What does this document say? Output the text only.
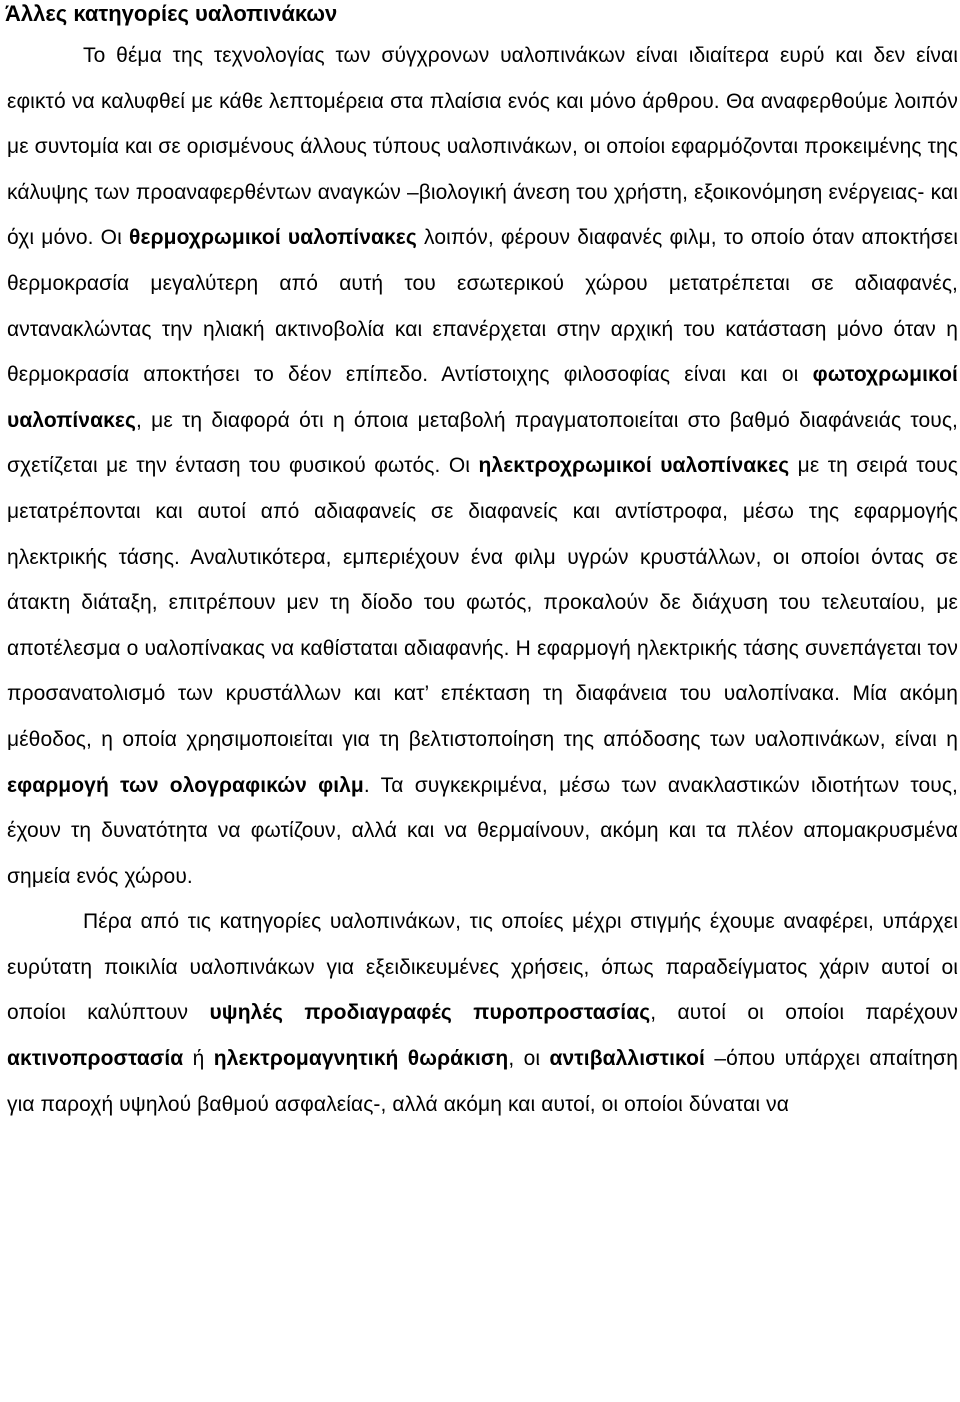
Άλλες κατηγορίες υαλοπινάκων

Το θέμα της τεχνολογίας των σύγχρονων υαλοπινάκων είναι ιδιαίτερα ευρύ και δεν είναι εφικτό να καλυφθεί με κάθε λεπτομέρεια στα πλαίσια ενός και μόνο άρθρου. Θα αναφερθούμε λοιπόν με συντομία και σε ορισμένους άλλους τύπους υαλοπινάκων, οι οποίοι εφαρμόζονται προκειμένης της κάλυψης των προαναφερθέντων αναγκών –βιολογική άνεση του χρήστη, εξοικονόμηση ενέργειας- και όχι μόνο. Οι θερμοχρωμικοί υαλοπίνακες λοιπόν, φέρουν διαφανές φιλμ, το οποίο όταν αποκτήσει θερμοκρασία μεγαλύτερη από αυτή του εσωτερικού χώρου μετατρέπεται σε αδιαφανές, αντανακλώντας την ηλιακή ακτινοβολία και επανέρχεται στην αρχική του κατάσταση μόνο όταν η θερμοκρασία αποκτήσει το δέον επίπεδο. Αντίστοιχης φιλοσοφίας είναι και οι φωτοχρωμικοί υαλοπίνακες, με τη διαφορά ότι η όποια μεταβολή πραγματοποιείται στο βαθμό διαφάνειάς τους, σχετίζεται με την ένταση του φυσικού φωτός. Οι ηλεκτροχρωμικοί υαλοπίνακες με τη σειρά τους μετατρέπονται και αυτοί από αδιαφανείς σε διαφανείς και αντίστροφα, μέσω της εφαρμογής ηλεκτρικής τάσης. Αναλυτικότερα, εμπεριέχουν ένα φιλμ υγρών κρυστάλλων, οι οποίοι όντας σε άτακτη διάταξη, επιτρέπουν μεν τη δίοδο του φωτός, προκαλούν δε διάχυση του τελευταίου, με αποτέλεσμα ο υαλοπίνακας να καθίσταται αδιαφανής. Η εφαρμογή ηλεκτρικής τάσης συνεπάγεται τον προσανατολισμό των κρυστάλλων και κατ’ επέκταση τη διαφάνεια του υαλοπίνακα. Μία ακόμη μέθοδος, η οποία χρησιμοποιείται για τη βελτιστοποίηση της απόδοσης των υαλοπινάκων, είναι η εφαρμογή των ολογραφικών φιλμ. Τα συγκεκριμένα, μέσω των ανακλαστικών ιδιοτήτων τους, έχουν τη δυνατότητα να φωτίζουν, αλλά και να θερμαίνουν, ακόμη και τα πλέον απομακρυσμένα σημεία ενός χώρου.

Πέρα από τις κατηγορίες υαλοπινάκων, τις οποίες μέχρι στιγμής έχουμε αναφέρει, υπάρχει ευρύτατη ποικιλία υαλοπινάκων για εξειδικευμένες χρήσεις, όπως παραδείγματος χάριν αυτοί οι οποίοι καλύπτουν υψηλές προδιαγραφές πυροπροστασίας, αυτοί οι οποίοι παρέχουν ακτινοπροστασία ή ηλεκτρομαγνητική θωράκιση, οι αντιβαλλιστικοί –όπου υπάρχει απαίτηση για παροχή υψηλού βαθμού ασφαλείας-, αλλά ακόμη και αυτοί, οι οποίοι δύναται να
